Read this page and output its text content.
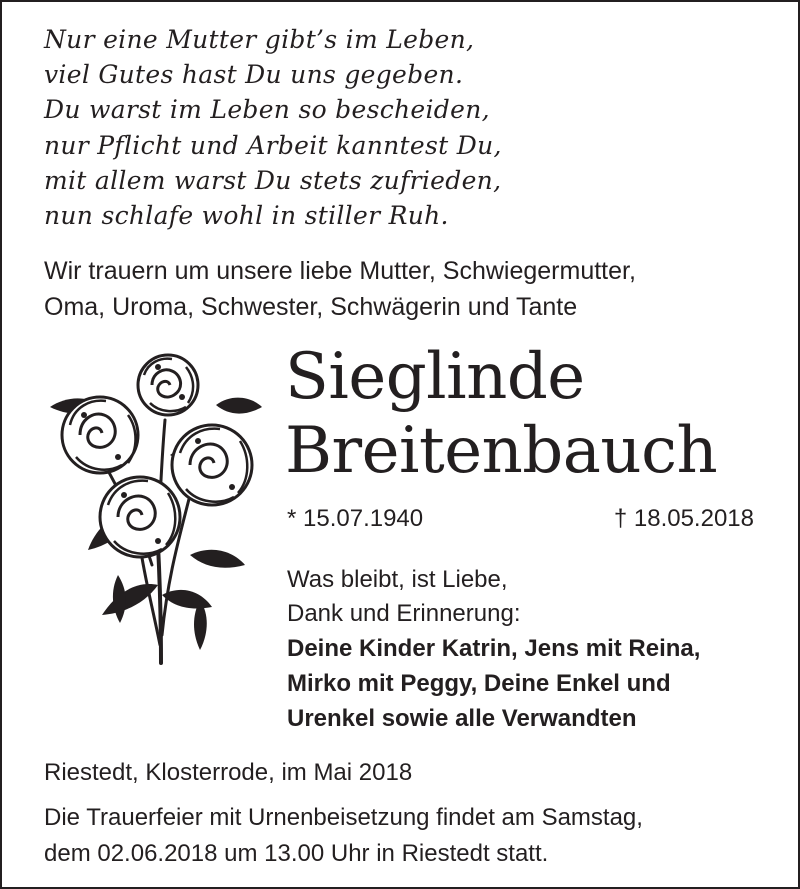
Nur eine Mutter gibt’s im Leben,
viel Gutes hast Du uns gegeben.
Du warst im Leben so bescheiden,
nur Pflicht und Arbeit kanntest Du,
mit allem warst Du stets zufrieden,
nun schlafe wohl in stiller Ruh.
Wir trauern um unsere liebe Mutter, Schwiegermutter,
Oma, Uroma, Schwester, Schwägerin und Tante
Sieglinde
Breitenbauch
* 15.07.1940	† 18.05.2018
Was bleibt, ist Liebe,
Dank und Erinnerung:
Deine Kinder Katrin, Jens mit Reina,
Mirko mit Peggy, Deine Enkel und
Urenkel sowie alle Verwandten
Riestedt, Klosterrode, im Mai 2018
Die Trauerfeier mit Urnenbeisetzung findet am Samstag,
dem 02.06.2018 um 13.00 Uhr in Riestedt statt.
